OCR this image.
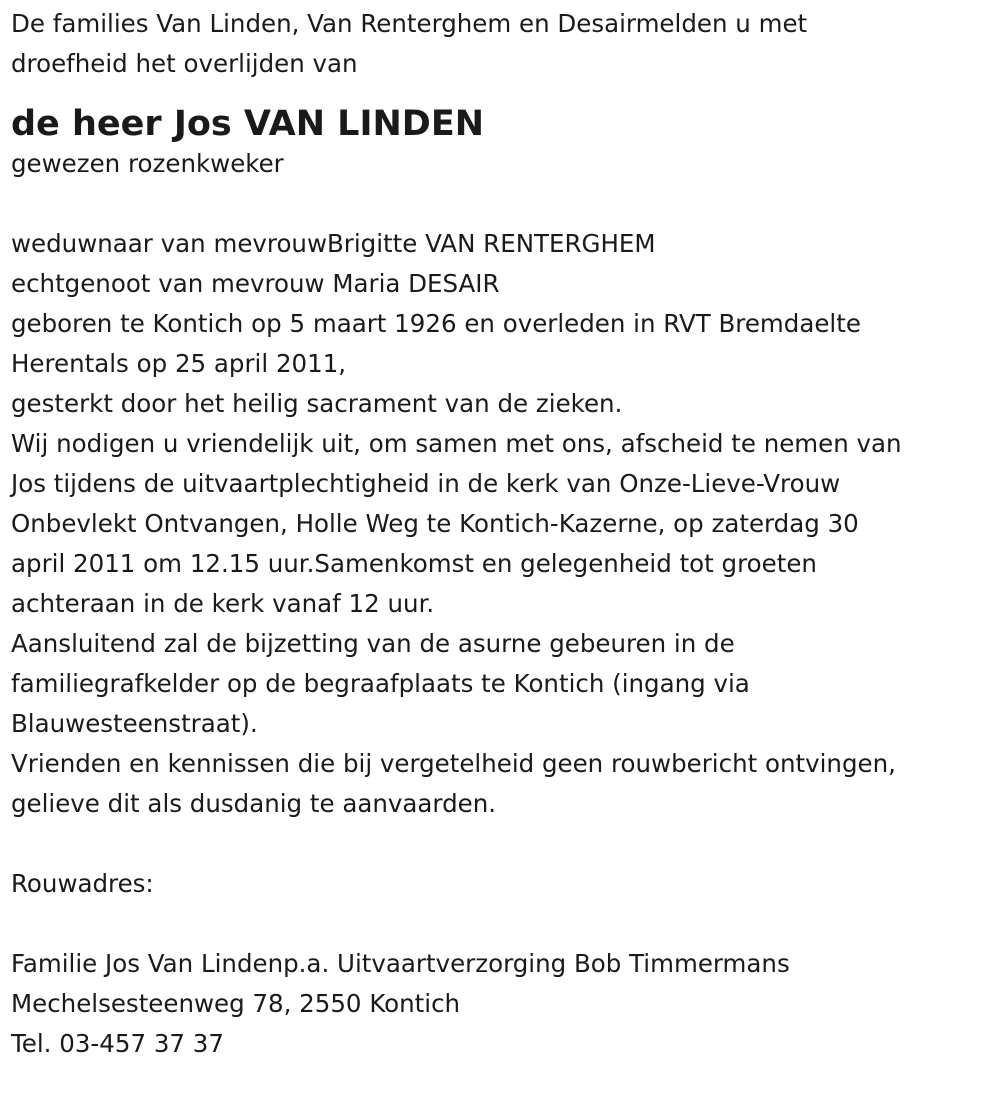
De families Van Linden, Van Renterghem en Desairmelden u met
droefheid het overlijden van
de heer Jos VAN LINDEN
gewezen rozenkweker
weduwnaar van mevrouwBrigitte VAN RENTERGHEM
echtgenoot van mevrouw Maria DESAIR
geboren te Kontich op 5 maart 1926 en overleden in RVT Bremdaelte
Herentals op 25 april 2011,
gesterkt door het heilig sacrament van de zieken.
Wij nodigen u vriendelijk uit, om samen met ons, afscheid te nemen van
Jos tijdens de uitvaartplechtigheid in de kerk van Onze-Lieve-Vrouw
Onbevlekt Ontvangen, Holle Weg te Kontich-Kazerne, op zaterdag 30
april 2011 om 12.15 uur.Samenkomst en gelegenheid tot groeten
achteraan in de kerk vanaf 12 uur.
Aansluitend zal de bijzetting van de asurne gebeuren in de
familiegrafkelder op de begraafplaats te Kontich (ingang via
Blauwesteenstraat).
Vrienden en kennissen die bij vergetelheid geen rouwbericht ontvingen,
gelieve dit als dusdanig te aanvaarden.
Rouwadres:
Familie Jos Van Lindenp.a. Uitvaartverzorging Bob Timmermans
Mechelsesteenweg 78, 2550 Kontich
Tel. 03-457 37 37
